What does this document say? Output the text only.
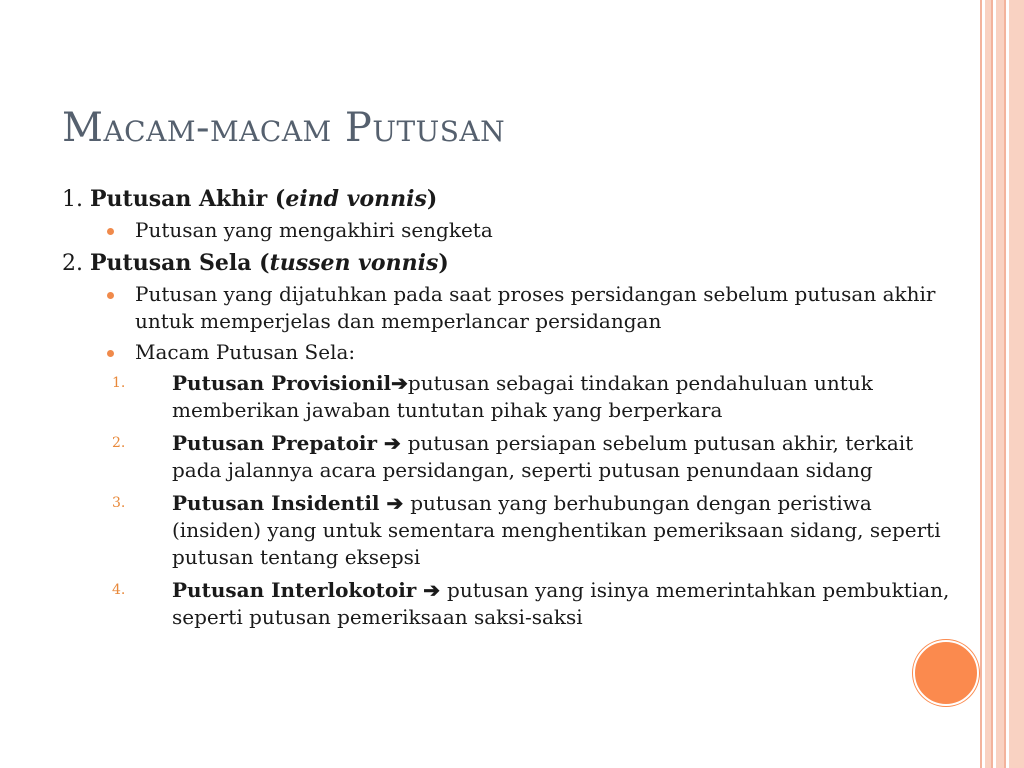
Macam-macam Putusan

1. Putusan Akhir (eind vonnis)

Putusan yang mengakhiri sengketa

2. Putusan Sela (tussen vonnis)

Putusan yang dijatuhkan pada saat proses persidangan sebelum putusan akhir untuk memperjelas dan memperlancar persidangan

Macam Putusan Sela:

1. Putusan Provisionil➔putusan sebagai tindakan pendahuluan untuk memberikan jawaban tuntutan pihak yang berperkara

2. Putusan Prepatoir ➔ putusan persiapan sebelum putusan akhir, terkait pada jalannya acara persidangan, seperti putusan penundaan sidang

3. Putusan Insidentil ➔ putusan yang berhubungan dengan peristiwa (insiden) yang untuk sementara menghentikan pemeriksaan sidang, seperti putusan tentang eksepsi

4. Putusan Interlokotoir ➔ putusan yang isinya memerintahkan pembuktian, seperti putusan pemeriksaan saksi-saksi
